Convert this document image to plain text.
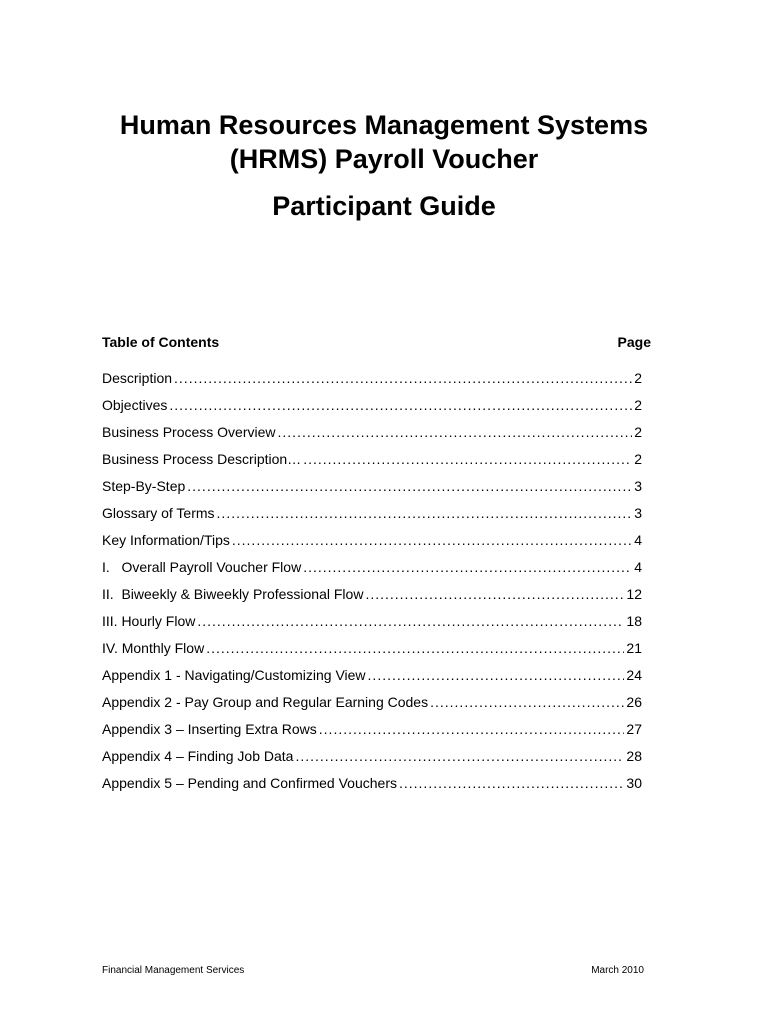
Human Resources Management Systems
(HRMS) Payroll Voucher
Participant Guide
Table of Contents	Page
Description .....	2
Objectives .....	2
Business Process Overview .....	2
Business Process Description… .....	2
Step-By-Step .....	3
Glossary of Terms .....	3
Key Information/Tips .....	4
I.   Overall Payroll Voucher Flow .....	4
II.  Biweekly & Biweekly Professional Flow .....	12
III. Hourly Flow .....	18
IV. Monthly Flow .....	21
Appendix 1 - Navigating/Customizing View .....	24
Appendix 2 - Pay Group and Regular Earning Codes .....	26
Appendix 3 – Inserting Extra Rows .....	27
Appendix 4 – Finding Job Data .....	28
Appendix 5 – Pending and Confirmed Vouchers .....	30
Financial Management Services	March 2010
